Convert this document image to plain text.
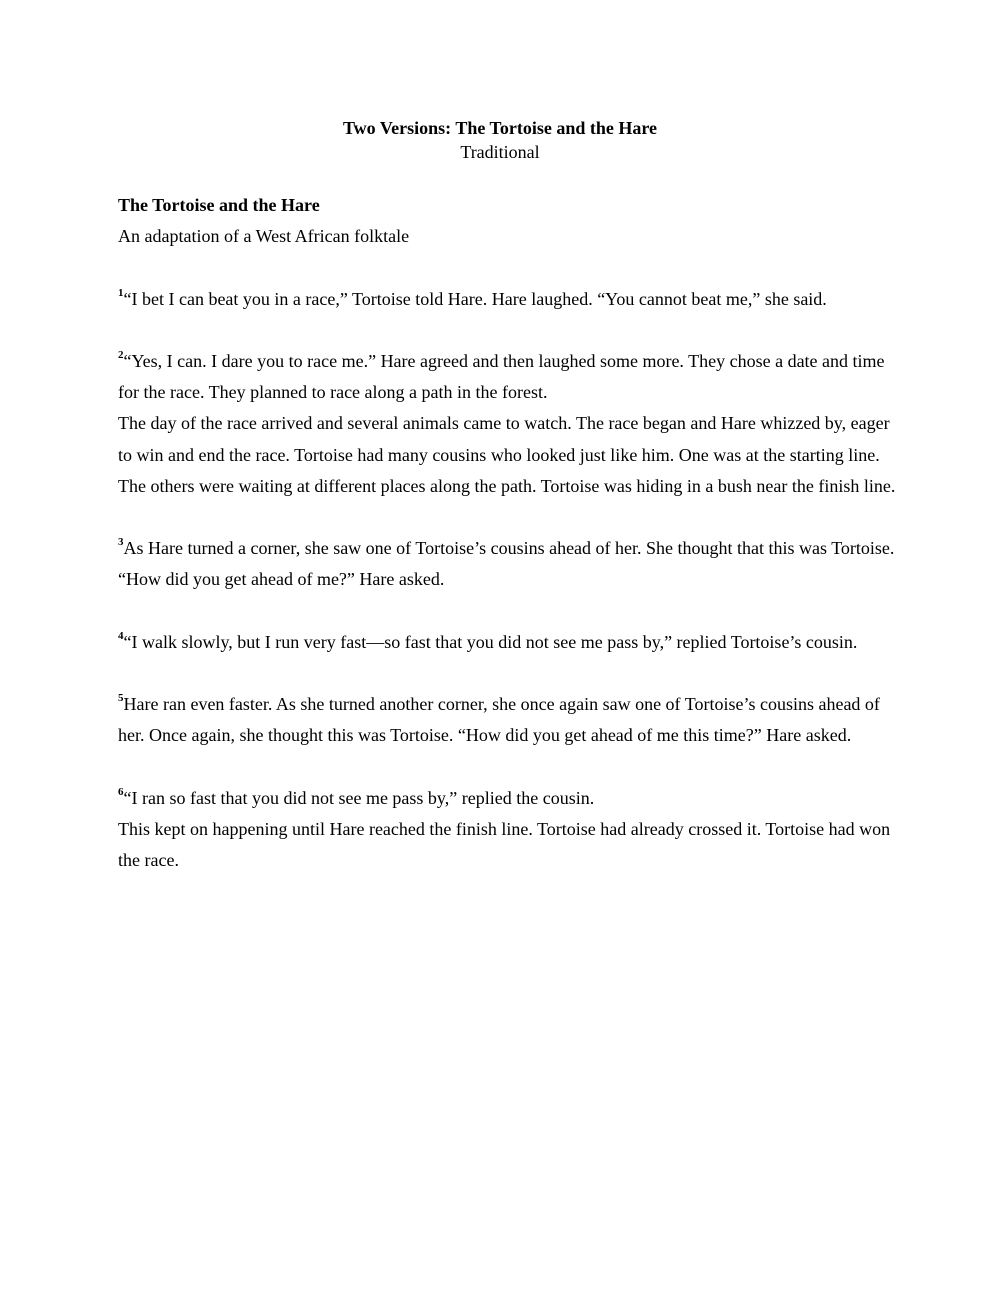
Two Versions: The Tortoise and the Hare
Traditional
The Tortoise and the Hare
An adaptation of a West African folktale

$^1$“I bet I can beat you in a race,” Tortoise told Hare. Hare laughed. “You cannot beat me,” she said.

$^2$“Yes, I can. I dare you to race me.” Hare agreed and then laughed some more. They chose a date and time for the race. They planned to race along a path in the forest.

The day of the race arrived and several animals came to watch. The race began and Hare whizzed by, eager to win and end the race. Tortoise had many cousins who looked just like him. One was at the starting line. The others were waiting at different places along the path. Tortoise was hiding in a bush near the finish line.

$^3$As Hare turned a corner, she saw one of Tortoise’s cousins ahead of her. She thought that this was Tortoise. “How did you get ahead of me?” Hare asked.

$^4$“I walk slowly, but I run very fast—so fast that you did not see me pass by,” replied Tortoise’s cousin.

$^5$Hare ran even faster. As she turned another corner, she once again saw one of Tortoise’s cousins ahead of her. Once again, she thought this was Tortoise. “How did you get ahead of me this time?” Hare asked.

$^6$“I ran so fast that you did not see me pass by,” replied the cousin.

This kept on happening until Hare reached the finish line. Tortoise had already crossed it. Tortoise had won the race.
